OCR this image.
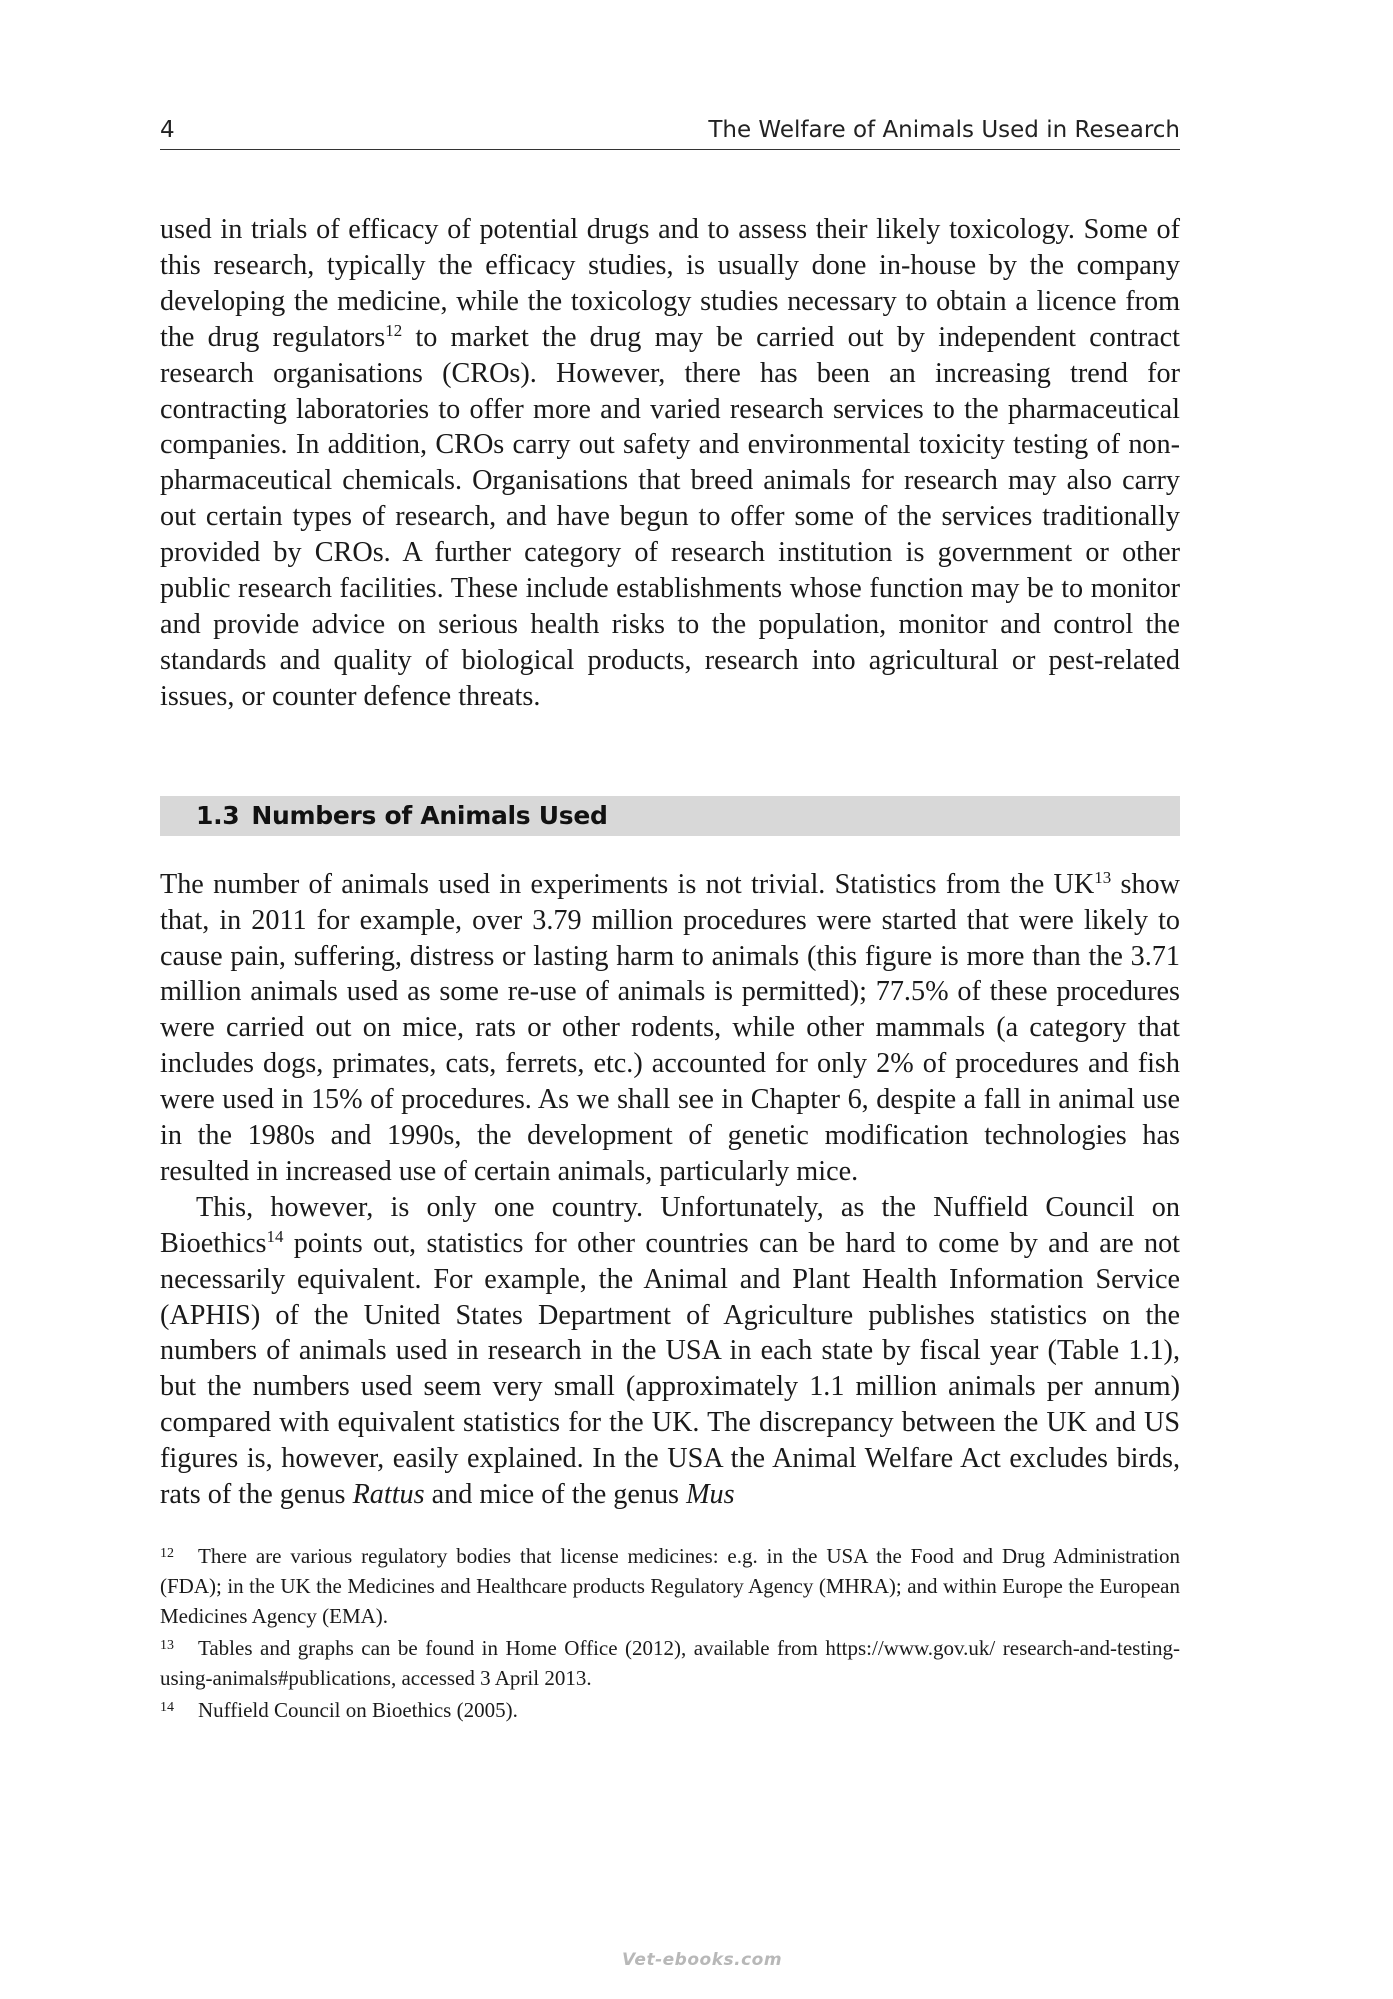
4	The Welfare of Animals Used in Research

used in trials of efficacy of potential drugs and to assess their likely toxicology. Some of this research, typically the efficacy studies, is usually done in-house by the company developing the medicine, while the toxicology studies necessary to obtain a licence from the drug regulators$^{12}$ to market the drug may be carried out by independent contract research organisations (CROs). However, there has been an increasing trend for contracting laboratories to offer more and varied research services to the pharmaceutical companies. In addition, CROs carry out safety and environmental toxicity testing of non-pharmaceutical chemicals. Organisations that breed animals for research may also carry out certain types of research, and have begun to offer some of the services traditionally provided by CROs. A further category of research institution is government or other public research facilities. These include establishments whose function may be to monitor and provide advice on serious health risks to the population, monitor and control the standards and quality of biological products, research into agricultural or pest-related issues, or counter defence threats.

1.3 Numbers of Animals Used

The number of animals used in experiments is not trivial. Statistics from the UK$^{13}$ show that, in 2011 for example, over 3.79 million procedures were started that were likely to cause pain, suffering, distress or lasting harm to animals (this figure is more than the 3.71 million animals used as some re-use of animals is permitted); 77.5% of these procedures were carried out on mice, rats or other rodents, while other mammals (a category that includes dogs, primates, cats, ferrets, etc.) accounted for only 2% of procedures and fish were used in 15% of procedures. As we shall see in Chapter 6, despite a fall in animal use in the 1980s and 1990s, the development of genetic modification technologies has resulted in increased use of certain animals, particularly mice.

This, however, is only one country. Unfortunately, as the Nuffield Council on Bioethics$^{14}$ points out, statistics for other countries can be hard to come by and are not necessarily equivalent. For example, the Animal and Plant Health Information Service (APHIS) of the United States Department of Agriculture publishes statistics on the numbers of animals used in research in the USA in each state by fiscal year (Table 1.1), but the numbers used seem very small (approximately 1.1 million animals per annum) compared with equivalent statistics for the UK. The discrepancy between the UK and US figures is, however, easily explained. In the USA the Animal Welfare Act excludes birds, rats of the genus Rattus and mice of the genus Mus

12 There are various regulatory bodies that license medicines: e.g. in the USA the Food and Drug Administration (FDA); in the UK the Medicines and Healthcare products Regulatory Agency (MHRA); and within Europe the European Medicines Agency (EMA).

13 Tables and graphs can be found in Home Office (2012), available from https://www.gov.uk/ research-and-testing-using-animals#publications, accessed 3 April 2013.

14 Nuffield Council on Bioethics (2005).

Vet-ebooks.com
